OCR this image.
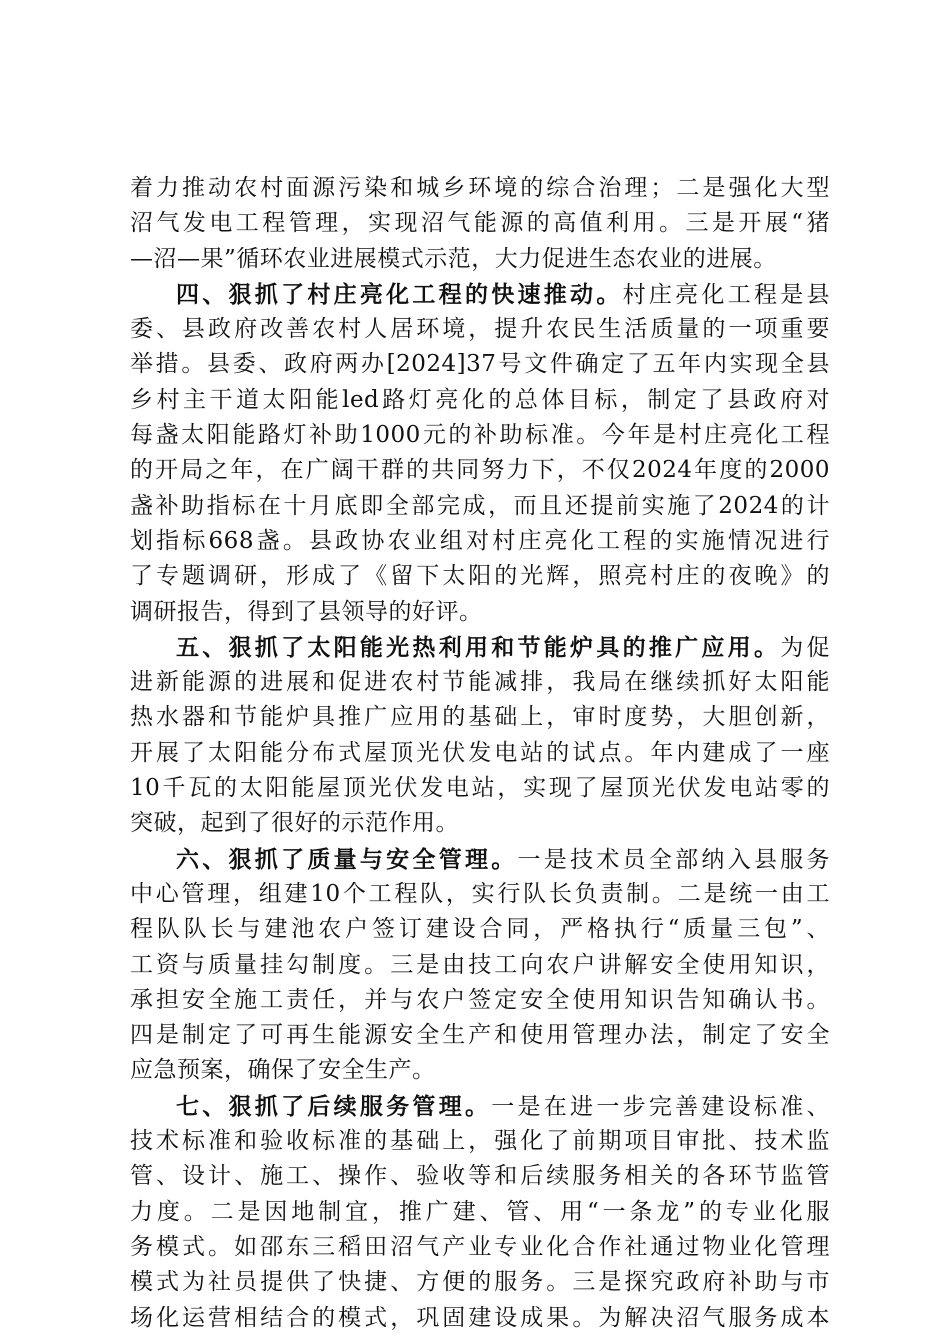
着力推动农村面源污染和城乡环境的综合治理；二是强化大型
沼气发电工程管理，实现沼气能源的高值利用。三是开展“猪
—沼—果”循环农业进展模式示范，大力促进生态农业的进展。
四、狠抓了村庄亮化工程的快速推动。村庄亮化工程是县
委、县政府改善农村人居环境，提升农民生活质量的一项重要
举措。县委、政府两办[2024]37号文件确定了五年内实现全县
乡村主干道太阳能led路灯亮化的总体目标，制定了县政府对
每盏太阳能路灯补助1000元的补助标准。今年是村庄亮化工程
的开局之年，在广阔干群的共同努力下，不仅2024年度的2000
盏补助指标在十月底即全部完成，而且还提前实施了2024的计
划指标668盏。县政协农业组对村庄亮化工程的实施情况进行
了专题调研，形成了《留下太阳的光辉，照亮村庄的夜晚》的
调研报告，得到了县领导的好评。
五、狠抓了太阳能光热利用和节能炉具的推广应用。为促
进新能源的进展和促进农村节能减排，我局在继续抓好太阳能
热水器和节能炉具推广应用的基础上，审时度势，大胆创新，
开展了太阳能分布式屋顶光伏发电站的试点。年内建成了一座
10千瓦的太阳能屋顶光伏发电站，实现了屋顶光伏发电站零的
突破，起到了很好的示范作用。
六、狠抓了质量与安全管理。一是技术员全部纳入县服务
中心管理，组建10个工程队，实行队长负责制。二是统一由工
程队队长与建池农户签订建设合同，严格执行“质量三包”、
工资与质量挂勾制度。三是由技工向农户讲解安全使用知识，
承担安全施工责任，并与农户签定安全使用知识告知确认书。
四是制定了可再生能源安全生产和使用管理办法，制定了安全
应急预案，确保了安全生产。
七、狠抓了后续服务管理。一是在进一步完善建设标准、
技术标准和验收标准的基础上，强化了前期项目审批、技术监
管、设计、施工、操作、验收等和后续服务相关的各环节监管
力度。二是因地制宜，推广建、管、用“一条龙”的专业化服
务模式。如邵东三稻田沼气产业专业化合作社通过物业化管理
模式为社员提供了快捷、方便的服务。三是探究政府补助与市
场化运营相结合的模式，巩固建设成果。为解决沼气服务成本
